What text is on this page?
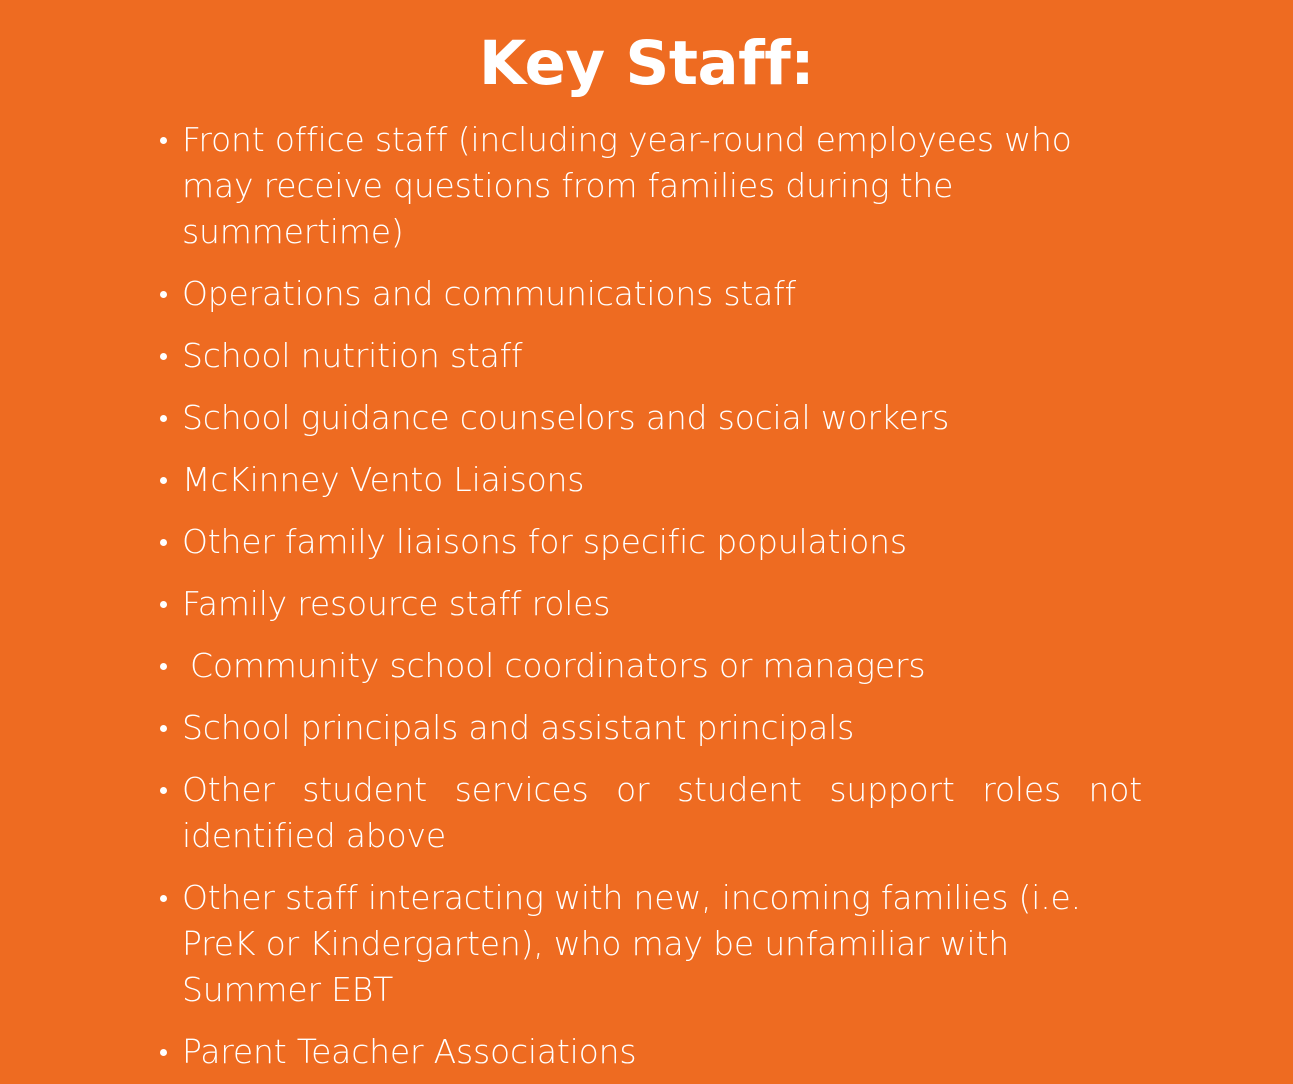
Key Staff:
Front office staff (including year-round employees who may receive questions from families during the summertime)
Operations and communications staff
School nutrition staff
School guidance counselors and social workers
McKinney Vento Liaisons
Other family liaisons for specific populations
Family resource staff roles
Community school coordinators or managers
School principals and assistant principals
Other student services or student support roles not identified above
Other staff interacting with new, incoming families (i.e. PreK or Kindergarten), who may be unfamiliar with Summer EBT
Parent Teacher Associations
